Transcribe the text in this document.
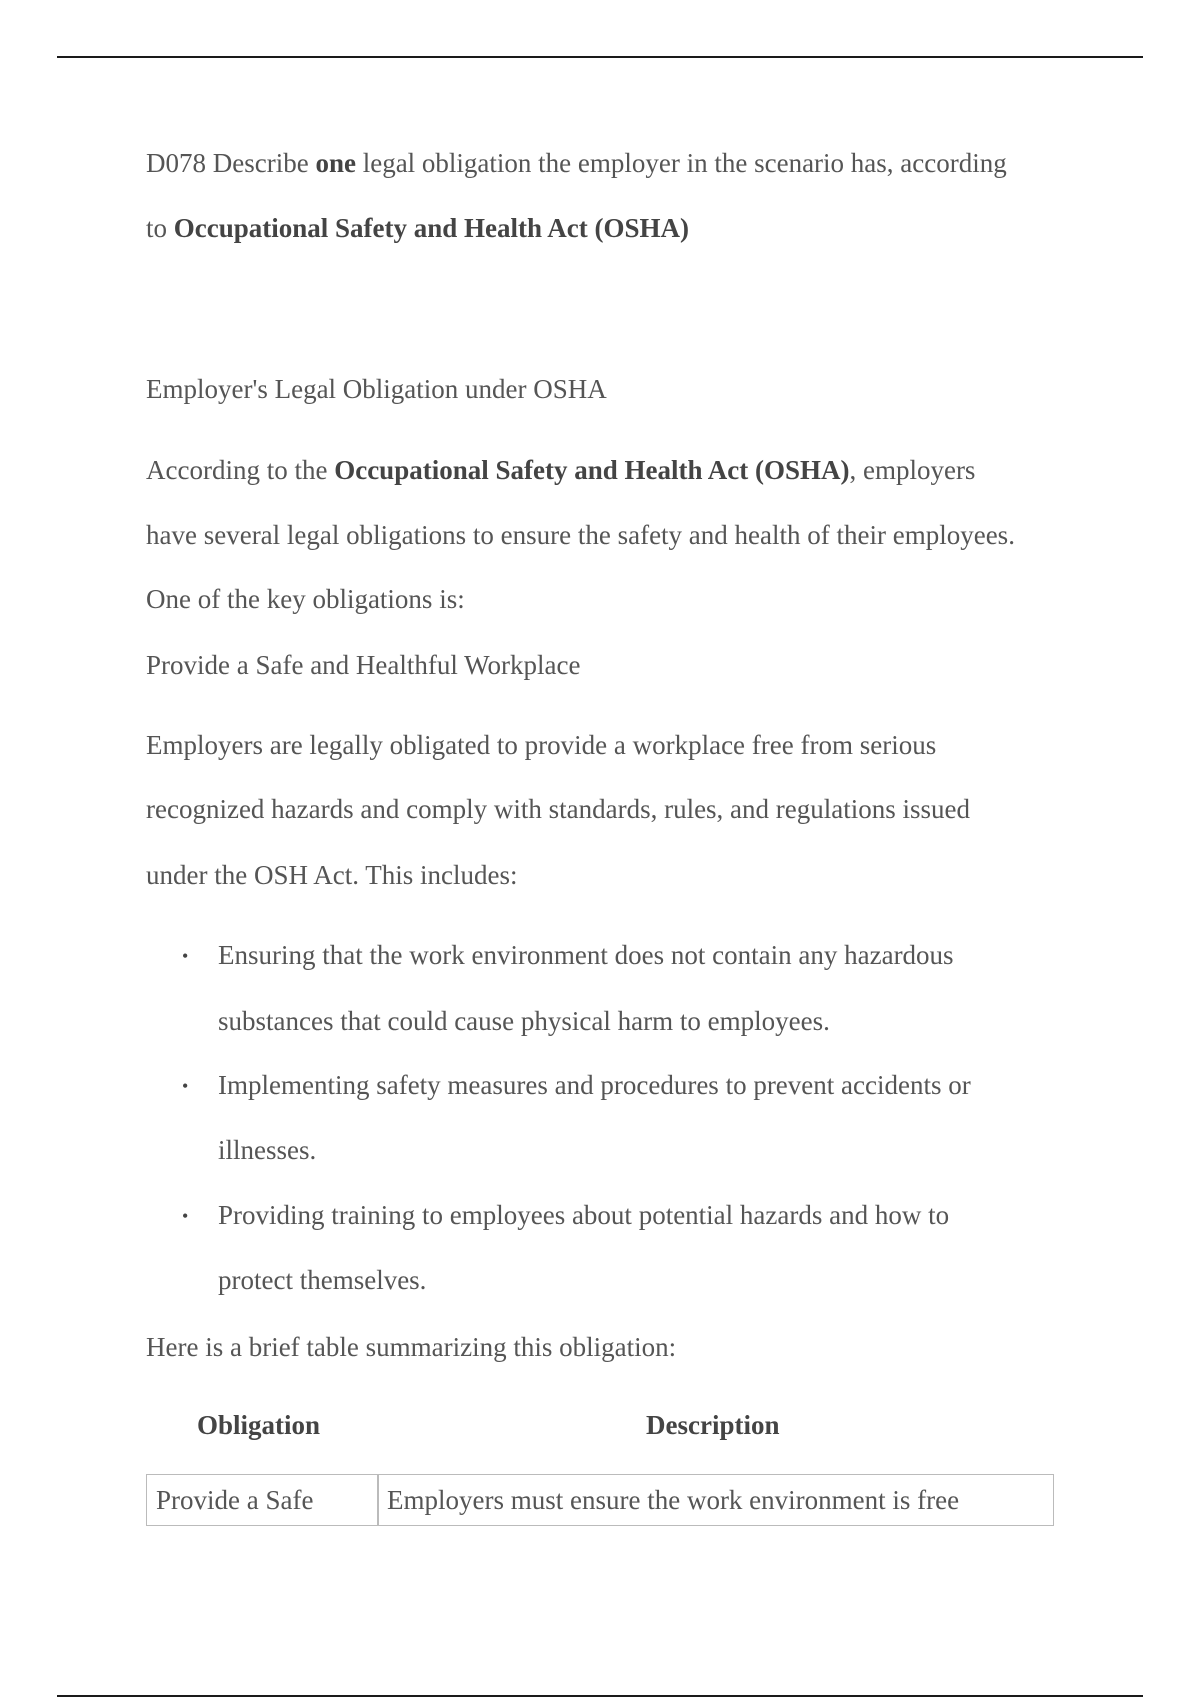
D078 Describe one legal obligation the employer in the scenario has, according
to Occupational Safety and Health Act (OSHA)
Employer's Legal Obligation under OSHA
According to the Occupational Safety and Health Act (OSHA), employers
have several legal obligations to ensure the safety and health of their employees.
One of the key obligations is:
Provide a Safe and Healthful Workplace
Employers are legally obligated to provide a workplace free from serious
recognized hazards and comply with standards, rules, and regulations issued
under the OSH Act. This includes:
• Ensuring that the work environment does not contain any hazardous
substances that could cause physical harm to employees.
• Implementing safety measures and procedures to prevent accidents or
illnesses.
• Providing training to employees about potential hazards and how to
protect themselves.
Here is a brief table summarizing this obligation:
Obligation	Description
Provide a Safe	Employers must ensure the work environment is free
